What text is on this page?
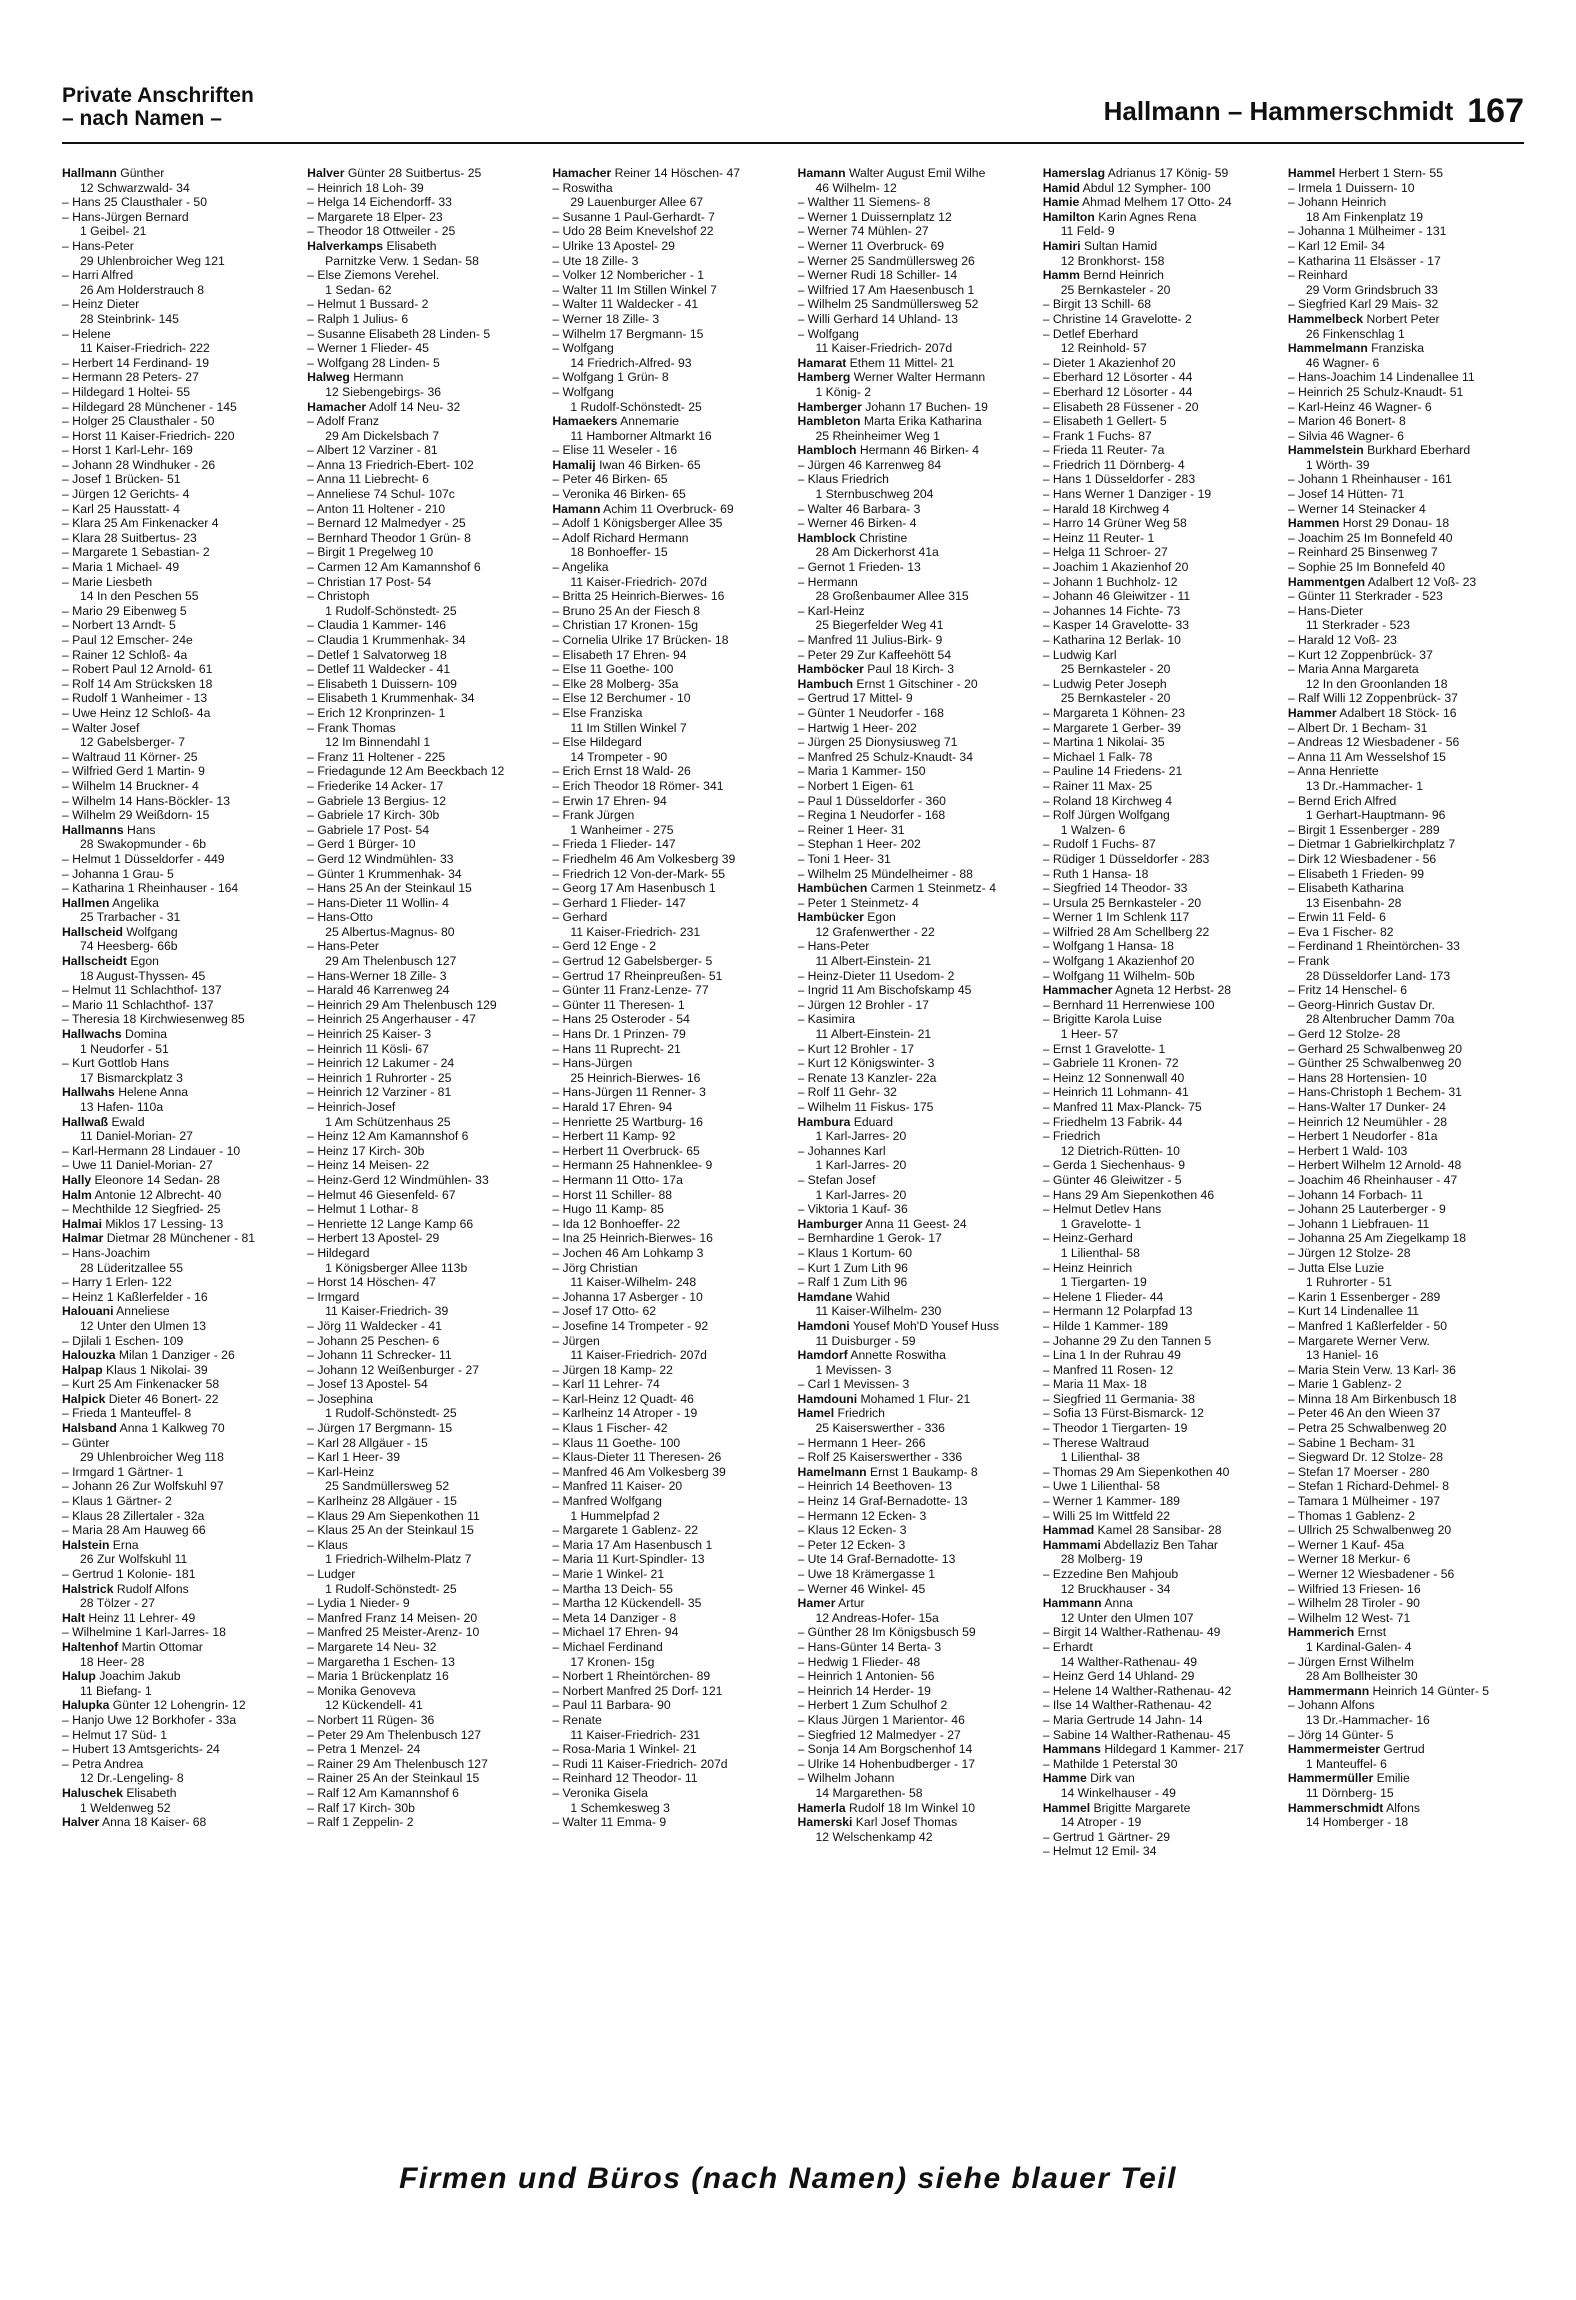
Private Anschriften
– nach Namen –	Hallmann – Hammerschmidt 167
Hallmann Günther
12 Schwarzwald- 34
– Hans 25 Clausthaler - 50
– Hans-Jürgen Bernard
1 Geibel- 21
– Hans-Peter
29 Uhlenbroicher Weg 121
– Harri Alfred
26 Am Holderstrauch 8
– Heinz Dieter
28 Steinbrink- 145
– Helene
11 Kaiser-Friedrich- 222
– Herbert 14 Ferdinand- 19
– Hermann 28 Peters- 27
– Hildegard 1 Holtei- 55
– Hildegard 28 Münchener - 145
– Holger 25 Clausthaler - 50
– Horst 11 Kaiser-Friedrich- 220
– Horst 1 Karl-Lehr- 169
– Johann 28 Windhuker - 26
– Josef 1 Brücken- 51
– Jürgen 12 Gerichts- 4
– Karl 25 Hausstatt- 4
– Klara 25 Am Finkenacker 4
– Klara 28 Suitbertus- 23
– Margarete 1 Sebastian- 2
– Maria 1 Michael- 49
– Marie Liesbeth
14 In den Peschen 55
– Mario 29 Eibenweg 5
– Norbert 13 Arndt- 5
– Paul 12 Emscher- 24e
– Rainer 12 Schloß- 4a
– Robert Paul 12 Arnold- 61
– Rolf 14 Am Strücksken 18
– Rudolf 1 Wanheimer - 13
– Uwe Heinz 12 Schloß- 4a
– Walter Josef
12 Gabelsberger- 7
– Waltraud 11 Körner- 25
– Wilfried Gerd 1 Martin- 9
– Wilhelm 14 Bruckner- 4
– Wilhelm 14 Hans-Böckler- 13
– Wilhelm 29 Weißdorn- 15
Hallmanns Hans
28 Swakopmunder - 6b
– Helmut 1 Düsseldorfer - 449
– Johanna 1 Grau- 5
– Katharina 1 Rheinhauser - 164
Hallmen Angelika
25 Trarbacher - 31
Hallscheid Wolfgang
74 Heesberg- 66b
Hallscheidt Egon
18 August-Thyssen- 45
– Helmut 11 Schlachthof- 137
– Mario 11 Schlachthof- 137
– Theresia 18 Kirchwiesenweg 85
Hallwachs Domina
1 Neudorfer - 51
– Kurt Gottlob Hans
17 Bismarckplatz 3
Hallwahs Helene Anna
13 Hafen- 110a
Hallwaß Ewald
11 Daniel-Morian- 27
– Karl-Hermann 28 Lindauer - 10
– Uwe 11 Daniel-Morian- 27
Hally Eleonore 14 Sedan- 28
Halm Antonie 12 Albrecht- 40
– Mechthilde 12 Siegfried- 25
Halmai Miklos 17 Lessing- 13
Halmar Dietmar 28 Münchener - 81
– Hans-Joachim
28 Lüderitzallee 55
– Harry 1 Erlen- 122
– Heinz 1 Kaßlerfelder - 16
Halouani Anneliese
12 Unter den Ulmen 13
– Djilali 1 Eschen- 109
Halouzka Milan 1 Danziger - 26
Halpap Klaus 1 Nikolai- 39
– Kurt 25 Am Finkenacker 58
Halpick Dieter 46 Bonert- 22
– Frieda 1 Manteuffel- 8
Halsband Anna 1 Kalkweg 70
– Günter
29 Uhlenbroicher Weg 118
– Irmgard 1 Gärtner- 1
– Johann 26 Zur Wolfskuhl 97
– Klaus 1 Gärtner- 2
– Klaus 28 Zillertaler - 32a
– Maria 28 Am Hauweg 66
Halstein Erna
26 Zur Wolfskuhl 11
– Gertrud 1 Kolonie- 181
Halstrick Rudolf Alfons
28 Tölzer - 27
Halt Heinz 11 Lehrer- 49
– Wilhelmine 1 Karl-Jarres- 18
Haltenhof Martin Ottomar
18 Heer- 28
Halup Joachim Jakub
11 Biefang- 1
Halupka Günter 12 Lohengrin- 12
– Hanjo Uwe 12 Borkhofer - 33a
– Helmut 17 Süd- 1
– Hubert 13 Amtsgerichts- 24
– Petra Andrea
12 Dr.-Lengeling- 8
Haluschek Elisabeth
1 Weldenweg 52
Halver Anna 18 Kaiser- 68
Halver Günter 28 Suitbertus- 25
– Heinrich 18 Loh- 39
– Helga 14 Eichendorff- 33
– Margarete 18 Elper- 23
– Theodor 18 Ottweiler - 25
Halverkamps Elisabeth
Parnitzke Verw. 1 Sedan- 58
– Else Ziemons Verehel.
1 Sedan- 62
– Helmut 1 Bussard- 2
– Ralph 1 Julius- 6
– Susanne Elisabeth 28 Linden- 5
– Werner 1 Flieder- 45
– Wolfgang 28 Linden- 5
Halweg Hermann
12 Siebengebirgs- 36
Hamacher Adolf 14 Neu- 32
– Adolf Franz
29 Am Dickelsbach 7
– Albert 12 Varziner - 81
– Anna 13 Friedrich-Ebert- 102
– Anna 11 Liebrecht- 6
– Anneliese 74 Schul- 107c
– Anton 11 Holtener - 210
– Bernard 12 Malmedyer - 25
– Bernhard Theodor 1 Grün- 8
– Birgit 1 Pregelweg 10
– Carmen 12 Am Kamannshof 6
– Christian 17 Post- 54
– Christoph
1 Rudolf-Schönstedt- 25
– Claudia 1 Kammer- 146
– Claudia 1 Krummenhak- 34
– Detlef 1 Salvatorweg 18
– Detlef 11 Waldecker - 41
– Elisabeth 1 Duissern- 109
– Elisabeth 1 Krummenhak- 34
– Erich 12 Kronprinzen- 1
– Frank Thomas
12 Im Binnendahl 1
– Franz 11 Holtener - 225
– Friedagunde 12 Am Beeckbach 12
– Friederike 14 Acker- 17
– Gabriele 13 Bergius- 12
– Gabriele 17 Kirch- 30b
– Gabriele 17 Post- 54
– Gerd 1 Bürger- 10
– Gerd 12 Windmühlen- 33
– Günter 1 Krummenhak- 34
– Hans 25 An der Steinkaul 15
– Hans-Dieter 11 Wollin- 4
– Hans-Otto
25 Albertus-Magnus- 80
– Hans-Peter
29 Am Thelenbusch 127
– Hans-Werner 18 Zille- 3
– Harald 46 Karrenweg 24
– Heinrich 29 Am Thelenbusch 129
– Heinrich 25 Angerhauser - 47
– Heinrich 25 Kaiser- 3
– Heinrich 11 Kösli- 67
– Heinrich 12 Lakumer - 24
– Heinrich 1 Ruhrorter - 25
– Heinrich 12 Varziner - 81
– Heinrich-Josef
1 Am Schützenhaus 25
– Heinz 12 Am Kamannshof 6
– Heinz 17 Kirch- 30b
– Heinz 14 Meisen- 22
– Heinz-Gerd 12 Windmühlen- 33
– Helmut 46 Giesenfeld- 67
– Helmut 1 Lothar- 8
– Henriette 12 Lange Kamp 66
– Herbert 13 Apostel- 29
– Hildegard
1 Königsberger Allee 113b
– Horst 14 Höschen- 47
– Irmgard
11 Kaiser-Friedrich- 39
– Jörg 11 Waldecker - 41
– Johann 25 Peschen- 6
– Johann 11 Schrecker- 11
– Johann 12 Weißenburger - 27
– Josef 13 Apostel- 54
– Josephina
1 Rudolf-Schönstedt- 25
– Jürgen 17 Bergmann- 15
– Karl 28 Allgäuer - 15
– Karl 1 Heer- 39
– Karl-Heinz
25 Sandmüllersweg 52
– Karlheinz 28 Allgäuer - 15
– Klaus 29 Am Siepenkothen 11
– Klaus 25 An der Steinkaul 15
– Klaus
1 Friedrich-Wilhelm-Platz 7
– Ludger
1 Rudolf-Schönstedt- 25
– Lydia 1 Nieder- 9
– Manfred Franz 14 Meisen- 20
– Manfred 25 Meister-Arenz- 10
– Margarete 14 Neu- 32
– Margaretha 1 Eschen- 13
– Maria 1 Brückenplatz 16
– Monika Genoveva
12 Kückendell- 41
– Norbert 11 Rügen- 36
– Peter 29 Am Thelenbusch 127
– Petra 1 Menzel- 24
– Rainer 29 Am Thelenbusch 127
– Rainer 25 An der Steinkaul 15
– Ralf 12 Am Kamannshof 6
– Ralf 17 Kirch- 30b
– Ralf 1 Zeppelin- 2
Hamacher Reiner 14 Höschen- 47
– Roswitha
29 Lauenburger Allee 67
– Susanne 1 Paul-Gerhardt- 7
– Udo 28 Beim Knevelshof 22
– Ulrike 13 Apostel- 29
– Ute 18 Zille- 3
– Volker 12 Nombericher - 1
– Walter 11 Im Stillen Winkel 7
– Walter 11 Waldecker - 41
– Werner 18 Zille- 3
– Wilhelm 17 Bergmann- 15
– Wolfgang
14 Friedrich-Alfred- 93
– Wolfgang 1 Grün- 8
– Wolfgang
1 Rudolf-Schönstedt- 25
Hamaekers Annemarie
11 Hamborner Altmarkt 16
– Elise 11 Weseler - 16
Hamalij Iwan 46 Birken- 65
– Peter 46 Birken- 65
– Veronika 46 Birken- 65
Hamann Achim 11 Overbruck- 69
– Adolf 1 Königsberger Allee 35
– Adolf Richard Hermann
18 Bonhoeffer- 15
– Angelika
11 Kaiser-Friedrich- 207d
– Britta 25 Heinrich-Bierwes- 16
– Bruno 25 An der Fiesch 8
– Christian 17 Kronen- 15g
– Cornelia Ulrike 17 Brücken- 18
– Elisabeth 17 Ehren- 94
– Else 11 Goethe- 100
– Elke 28 Molberg- 35a
– Else 12 Berchumer - 10
– Else Franziska
11 Im Stillen Winkel 7
– Else Hildegard
14 Trompeter - 90
– Erich Ernst 18 Wald- 26
– Erich Theodor 18 Römer- 341
– Erwin 17 Ehren- 94
– Frank Jürgen
1 Wanheimer - 275
– Frieda 1 Flieder- 147
– Friedhelm 46 Am Volkesberg 39
– Friedrich 12 Von-der-Mark- 55
– Georg 17 Am Hasenbusch 1
– Gerhard 1 Flieder- 147
– Gerhard
11 Kaiser-Friedrich- 231
– Gerd 12 Enge - 2
– Gertrud 12 Gabelsberger- 5
– Gertrud 17 Rheinpreußen- 51
– Günter 11 Franz-Lenze- 77
– Günter 11 Theresen- 1
– Hans 25 Osteroder - 54
– Hans Dr. 1 Prinzen- 79
– Hans 11 Ruprecht- 21
– Hans-Jürgen
25 Heinrich-Bierwes- 16
– Hans-Jürgen 11 Renner- 3
– Harald 17 Ehren- 94
– Henriette 25 Wartburg- 16
– Herbert 11 Kamp- 92
– Herbert 11 Overbruck- 65
– Hermann 25 Hahnenklee- 9
– Hermann 11 Otto- 17a
– Horst 11 Schiller- 88
– Hugo 11 Kamp- 85
– Ida 12 Bonhoeffer- 22
– Ina 25 Heinrich-Bierwes- 16
– Jochen 46 Am Lohkamp 3
– Jörg Christian
11 Kaiser-Wilhelm- 248
– Johanna 17 Asberger - 10
– Josef 17 Otto- 62
– Josefine 14 Trompeter - 92
– Jürgen
11 Kaiser-Friedrich- 207d
– Jürgen 18 Kamp- 22
– Karl 11 Lehrer- 74
– Karl-Heinz 12 Quadt- 46
– Karlheinz 14 Atroper - 19
– Klaus 1 Fischer- 42
– Klaus 11 Goethe- 100
– Klaus-Dieter 11 Theresen- 26
– Manfred 46 Am Volkesberg 39
– Manfred 11 Kaiser- 20
– Manfred Wolfgang
1 Hummelpfad 2
– Margarete 1 Gablenz- 22
– Maria 17 Am Hasenbusch 1
– Maria 11 Kurt-Spindler- 13
– Marie 1 Winkel- 21
– Martha 13 Deich- 55
– Martha 12 Kückendell- 35
– Meta 14 Danziger - 8
– Michael 17 Ehren- 94
– Michael Ferdinand
17 Kronen- 15g
– Norbert 1 Rheintörchen- 89
– Norbert Manfred 25 Dorf- 121
– Paul 11 Barbara- 90
– Renate
11 Kaiser-Friedrich- 231
– Rosa-Maria 1 Winkel- 21
– Rudi 11 Kaiser-Friedrich- 207d
– Reinhard 12 Theodor- 11
– Veronika Gisela
1 Schemkesweg 3
– Walter 11 Emma- 9
Hamann Walter August Emil Wilhe
46 Wilhelm- 12
– Walther 11 Siemens- 8
– Werner 1 Duissernplatz 12
– Werner 74 Mühlen- 27
– Werner 11 Overbruck- 69
– Werner 25 Sandmüllersweg 26
– Werner Rudi 18 Schiller- 14
– Wilfried 17 Am Haesenbusch 1
– Wilhelm 25 Sandmüllersweg 52
– Willi Gerhard 14 Uhland- 13
– Wolfgang
11 Kaiser-Friedrich- 207d
Hamarat Ethem 11 Mittel- 21
Hamberg Werner Walter Hermann
1 König- 2
Hamberger Johann 17 Buchen- 19
Hambleton Marta Erika Katharina
25 Rheinheimer Weg 1
Hambloch Hermann 46 Birken- 4
– Jürgen 46 Karrenweg 84
– Klaus Friedrich
1 Sternbuschweg 204
– Walter 46 Barbara- 3
– Werner 46 Birken- 4
Hamblock Christine
28 Am Dickerhorst 41a
– Gernot 1 Frieden- 13
– Hermann
28 Großenbaumer Allee 315
– Karl-Heinz
25 Biegerfelder Weg 41
– Manfred 11 Julius-Birk- 9
– Peter 29 Zur Kaffeehött 54
Hamböcker Paul 18 Kirch- 3
Hambuch Ernst 1 Gitschiner - 20
– Gertrud 17 Mittel- 9
– Günter 1 Neudorfer - 168
– Hartwig 1 Heer- 202
– Jürgen 25 Dionysiusweg 71
– Manfred 25 Schulz-Knaudt- 34
– Maria 1 Kammer- 150
– Norbert 1 Eigen- 61
– Paul 1 Düsseldorfer - 360
– Regina 1 Neudorfer - 168
– Reiner 1 Heer- 31
– Stephan 1 Heer- 202
– Toni 1 Heer- 31
– Wilhelm 25 Mündelheimer - 88
Hambüchen Carmen 1 Steinmetz- 4
– Peter 1 Steinmetz- 4
Hambücker Egon
12 Grafenwerther - 22
– Hans-Peter
11 Albert-Einstein- 21
– Heinz-Dieter 11 Usedom- 2
– Ingrid 11 Am Bischofskamp 45
– Jürgen 12 Brohler - 17
– Kasimira
11 Albert-Einstein- 21
– Kurt 12 Brohler - 17
– Kurt 12 Königswinter- 3
– Renate 13 Kanzler- 22a
– Rolf 11 Gehr- 32
– Wilhelm 11 Fiskus- 175
Hambura Eduard
1 Karl-Jarres- 20
– Johannes Karl
1 Karl-Jarres- 20
– Stefan Josef
1 Karl-Jarres- 20
– Viktoria 1 Kauf- 36
Hamburger Anna 11 Geest- 24
– Bernhardine 1 Gerok- 17
– Klaus 1 Kortum- 60
– Kurt 1 Zum Lith 96
– Ralf 1 Zum Lith 96
Hamdane Wahid
11 Kaiser-Wilhelm- 230
Hamdoni Yousef Moh'D Yousef Huss
11 Duisburger - 59
Hamdorf Annette Roswitha
1 Mevissen- 3
– Carl 1 Mevissen- 3
Hamdouni Mohamed 1 Flur- 21
Hamel Friedrich
25 Kaiserswerther - 336
– Hermann 1 Heer- 266
– Rolf 25 Kaiserswerther - 336
Hamelmann Ernst 1 Baukamp- 8
– Heinrich 14 Beethoven- 13
– Heinz 14 Graf-Bernadotte- 13
– Hermann 12 Ecken- 3
– Klaus 12 Ecken- 3
– Peter 12 Ecken- 3
– Ute 14 Graf-Bernadotte- 13
– Uwe 18 Krämergasse 1
– Werner 46 Winkel- 45
Hamer Artur
12 Andreas-Hofer- 15a
– Günther 28 Im Königsbusch 59
– Hans-Günter 14 Berta- 3
– Hedwig 1 Flieder- 48
– Heinrich 1 Antonien- 56
– Heinrich 14 Herder- 19
– Herbert 1 Zum Schulhof 2
– Klaus Jürgen 1 Marientor- 46
– Siegfried 12 Malmedyer - 27
– Sonja 14 Am Borgschenhof 14
– Ulrike 14 Hohenbudberger - 17
– Wilhelm Johann
14 Margarethen- 58
Hamerla Rudolf 18 Im Winkel 10
Hamerski Karl Josef Thomas
12 Welschenkamp 42
Hamerslag Adrianus 17 König- 59
Hamid Abdul 12 Sympher- 100
Hamie Ahmad Melhem 17 Otto- 24
Hamilton Karin Agnes Rena
11 Feld- 9
Hamiri Sultan Hamid
12 Bronkhorst- 158
Hamm Bernd Heinrich
25 Bernkasteler - 20
– Birgit 13 Schill- 68
– Christine 14 Gravelotte- 2
– Detlef Eberhard
12 Reinhold- 57
– Dieter 1 Akazienhof 20
– Eberhard 12 Lösorter - 44
– Eberhard 12 Lösorter - 44
– Elisabeth 28 Füssener - 20
– Elisabeth 1 Gellert- 5
– Frank 1 Fuchs- 87
– Frieda 11 Reuter- 7a
– Friedrich 11 Dörnberg- 4
– Hans 1 Düsseldorfer - 283
– Hans Werner 1 Danziger - 19
– Harald 18 Kirchweg 4
– Harro 14 Grüner Weg 58
– Heinz 11 Reuter- 1
– Helga 11 Schroer- 27
– Joachim 1 Akazienhof 20
– Johann 1 Buchholz- 12
– Johann 46 Gleiwitzer - 11
– Johannes 14 Fichte- 73
– Kasper 14 Gravelotte- 33
– Katharina 12 Berlak- 10
– Ludwig Karl
25 Bernkasteler - 20
– Ludwig Peter Joseph
25 Bernkasteler - 20
– Margareta 1 Köhnen- 23
– Margarete 1 Gerber- 39
– Martina 1 Nikolai- 35
– Michael 1 Falk- 78
– Pauline 14 Friedens- 21
– Rainer 11 Max- 25
– Roland 18 Kirchweg 4
– Rolf Jürgen Wolfgang
1 Walzen- 6
– Rudolf 1 Fuchs- 87
– Rüdiger 1 Düsseldorfer - 283
– Ruth 1 Hansa- 18
– Siegfried 14 Theodor- 33
– Ursula 25 Bernkasteler - 20
– Werner 1 Im Schlenk 117
– Wilfried 28 Am Schellberg 22
– Wolfgang 1 Hansa- 18
– Wolfgang 1 Akazienhof 20
– Wolfgang 11 Wilhelm- 50b
Hammacher Agneta 12 Herbst- 28
– Bernhard 11 Herrenwiese 100
– Brigitte Karola Luise
1 Heer- 57
– Ernst 1 Gravelotte- 1
– Gabriele 11 Kronen- 72
– Heinz 12 Sonnenwall 40
– Heinrich 11 Lohmann- 41
– Manfred 11 Max-Planck- 75
– Friedhelm 13 Fabrik- 44
– Friedrich
12 Dietrich-Rütten- 10
– Gerda 1 Siechenhaus- 9
– Günter 46 Gleiwitzer - 5
– Hans 29 Am Siepenkothen 46
– Helmut Detlev Hans
1 Gravelotte- 1
– Heinz-Gerhard
1 Lilienthal- 58
– Heinz Heinrich
1 Tiergarten- 19
– Helene 1 Flieder- 44
– Hermann 12 Polarpfad 13
– Hilde 1 Kammer- 189
– Johanne 29 Zu den Tannen 5
– Lina 1 In der Ruhrau 49
– Manfred 11 Rosen- 12
– Maria 11 Max- 18
– Siegfried 11 Germania- 38
– Sofia 13 Fürst-Bismarck- 12
– Theodor 1 Tiergarten- 19
– Therese Waltraud
1 Lilienthal- 38
– Thomas 29 Am Siepenkothen 40
– Uwe 1 Lilienthal- 58
– Werner 1 Kammer- 189
– Willi 25 Im Wittfeld 22
Hammad Kamel 28 Sansibar- 28
Hammami Abdellaziz Ben Tahar
28 Molberg- 19
– Ezzedine Ben Mahjoub
12 Bruckhauser - 34
Hammann Anna
12 Unter den Ulmen 107
– Birgit 14 Walther-Rathenau- 49
– Erhardt
14 Walther-Rathenau- 49
– Heinz Gerd 14 Uhland- 29
– Helene 14 Walther-Rathenau- 42
– Ilse 14 Walther-Rathenau- 42
– Maria Gertrude 14 Jahn- 14
– Sabine 14 Walther-Rathenau- 45
Hammans Hildegard 1 Kammer- 217
– Mathilde 1 Peterstal 30
Hamme Dirk van
14 Winkelhauser - 49
Hammel Brigitte Margarete
14 Atroper - 19
– Gertrud 1 Gärtner- 29
– Helmut 12 Emil- 34
Hammel Herbert 1 Stern- 55
– Irmela 1 Duissern- 10
– Johann Heinrich
18 Am Finkenplatz 19
– Johanna 1 Mülheimer - 131
– Karl 12 Emil- 34
– Katharina 11 Elsässer - 17
– Reinhard
29 Vorm Grindsbruch 33
– Siegfried Karl 29 Mais- 32
Hammelbeck Norbert Peter
26 Finkenschlag 1
Hammelmann Franziska
46 Wagner- 6
– Hans-Joachim 14 Lindenallee 11
– Heinrich 25 Schulz-Knaudt- 51
– Karl-Heinz 46 Wagner- 6
– Marion 46 Bonert- 8
– Silvia 46 Wagner- 6
Hammelstein Burkhard Eberhard
1 Wörth- 39
– Johann 1 Rheinhauser - 161
– Josef 14 Hütten- 71
– Werner 14 Steinacker 4
Hammen Horst 29 Donau- 18
– Joachim 25 Im Bonnefeld 40
– Reinhard 25 Binsenweg 7
– Sophie 25 Im Bonnefeld 40
Hammentgen Adalbert 12 Voß- 23
– Günter 11 Sterkrader - 523
– Hans-Dieter
11 Sterkrader - 523
– Harald 12 Voß- 23
– Kurt 12 Zoppenbrück- 37
– Maria Anna Margareta
12 In den Groonlanden 18
– Ralf Willi 12 Zoppenbrück- 37
Hammer Adalbert 18 Stöck- 16
– Albert Dr. 1 Becham- 31
– Andreas 12 Wiesbadener - 56
– Anna 11 Am Wesselshof 15
– Anna Henriette
13 Dr.-Hammacher- 1
– Bernd Erich Alfred
1 Gerhart-Hauptmann- 96
– Birgit 1 Essenberger - 289
– Dietmar 1 Gabrielkirchplatz 7
– Dirk 12 Wiesbadener - 56
– Elisabeth 1 Frieden- 99
– Elisabeth Katharina
13 Eisenbahn- 28
– Erwin 11 Feld- 6
– Eva 1 Fischer- 82
– Ferdinand 1 Rheintörchen- 33
– Frank
28 Düsseldorfer Land- 173
– Fritz 14 Henschel- 6
– Georg-Hinrich Gustav Dr.
28 Altenbrucher Damm 70a
– Gerd 12 Stolze- 28
– Gerhard 25 Schwalbenweg 20
– Günther 25 Schwalbenweg 20
– Hans 28 Hortensien- 10
– Hans-Christoph 1 Bechem- 31
– Hans-Walter 17 Dunker- 24
– Heinrich 12 Neumühler - 28
– Herbert 1 Neudorfer - 81a
– Herbert 1 Wald- 103
– Herbert Wilhelm 12 Arnold- 48
– Joachim 46 Rheinhauser - 47
– Johann 14 Forbach- 11
– Johann 25 Lauterberger - 9
– Johann 1 Liebfrauen- 11
– Johanna 25 Am Ziegelkamp 18
– Jürgen 12 Stolze- 28
– Jutta Else Luzie
1 Ruhrorter - 51
– Karin 1 Essenberger - 289
– Kurt 14 Lindenallee 11
– Manfred 1 Kaßlerfelder - 50
– Margarete Werner Verw.
13 Haniel- 16
– Maria Stein Verw. 13 Karl- 36
– Marie 1 Gablenz- 2
– Minna 18 Am Birkenbusch 18
– Peter 46 An den Wieen 37
– Petra 25 Schwalbenweg 20
– Sabine 1 Becham- 31
– Siegward Dr. 12 Stolze- 28
– Stefan 17 Moerser - 280
– Stefan 1 Richard-Dehmel- 8
– Tamara 1 Mülheimer - 197
– Thomas 1 Gablenz- 2
– Ullrich 25 Schwalbenweg 20
– Werner 1 Kauf- 45a
– Werner 18 Merkur- 6
– Werner 12 Wiesbadener - 56
– Wilfried 13 Friesen- 16
– Wilhelm 28 Tiroler - 90
– Wilhelm 12 West- 71
Hammerich Ernst
1 Kardinal-Galen- 4
– Jürgen Ernst Wilhelm
28 Am Bollheister 30
Hammermann Heinrich 14 Günter- 5
– Johann Alfons
13 Dr.-Hammacher- 16
– Jörg 14 Günter- 5
Hammermeister Gertrud
1 Manteuffel- 6
Hammermüller Emilie
11 Dörnberg- 15
Hammerschmidt Alfons
14 Homberger - 18
Firmen und Büros (nach Namen) siehe blauer Teil
